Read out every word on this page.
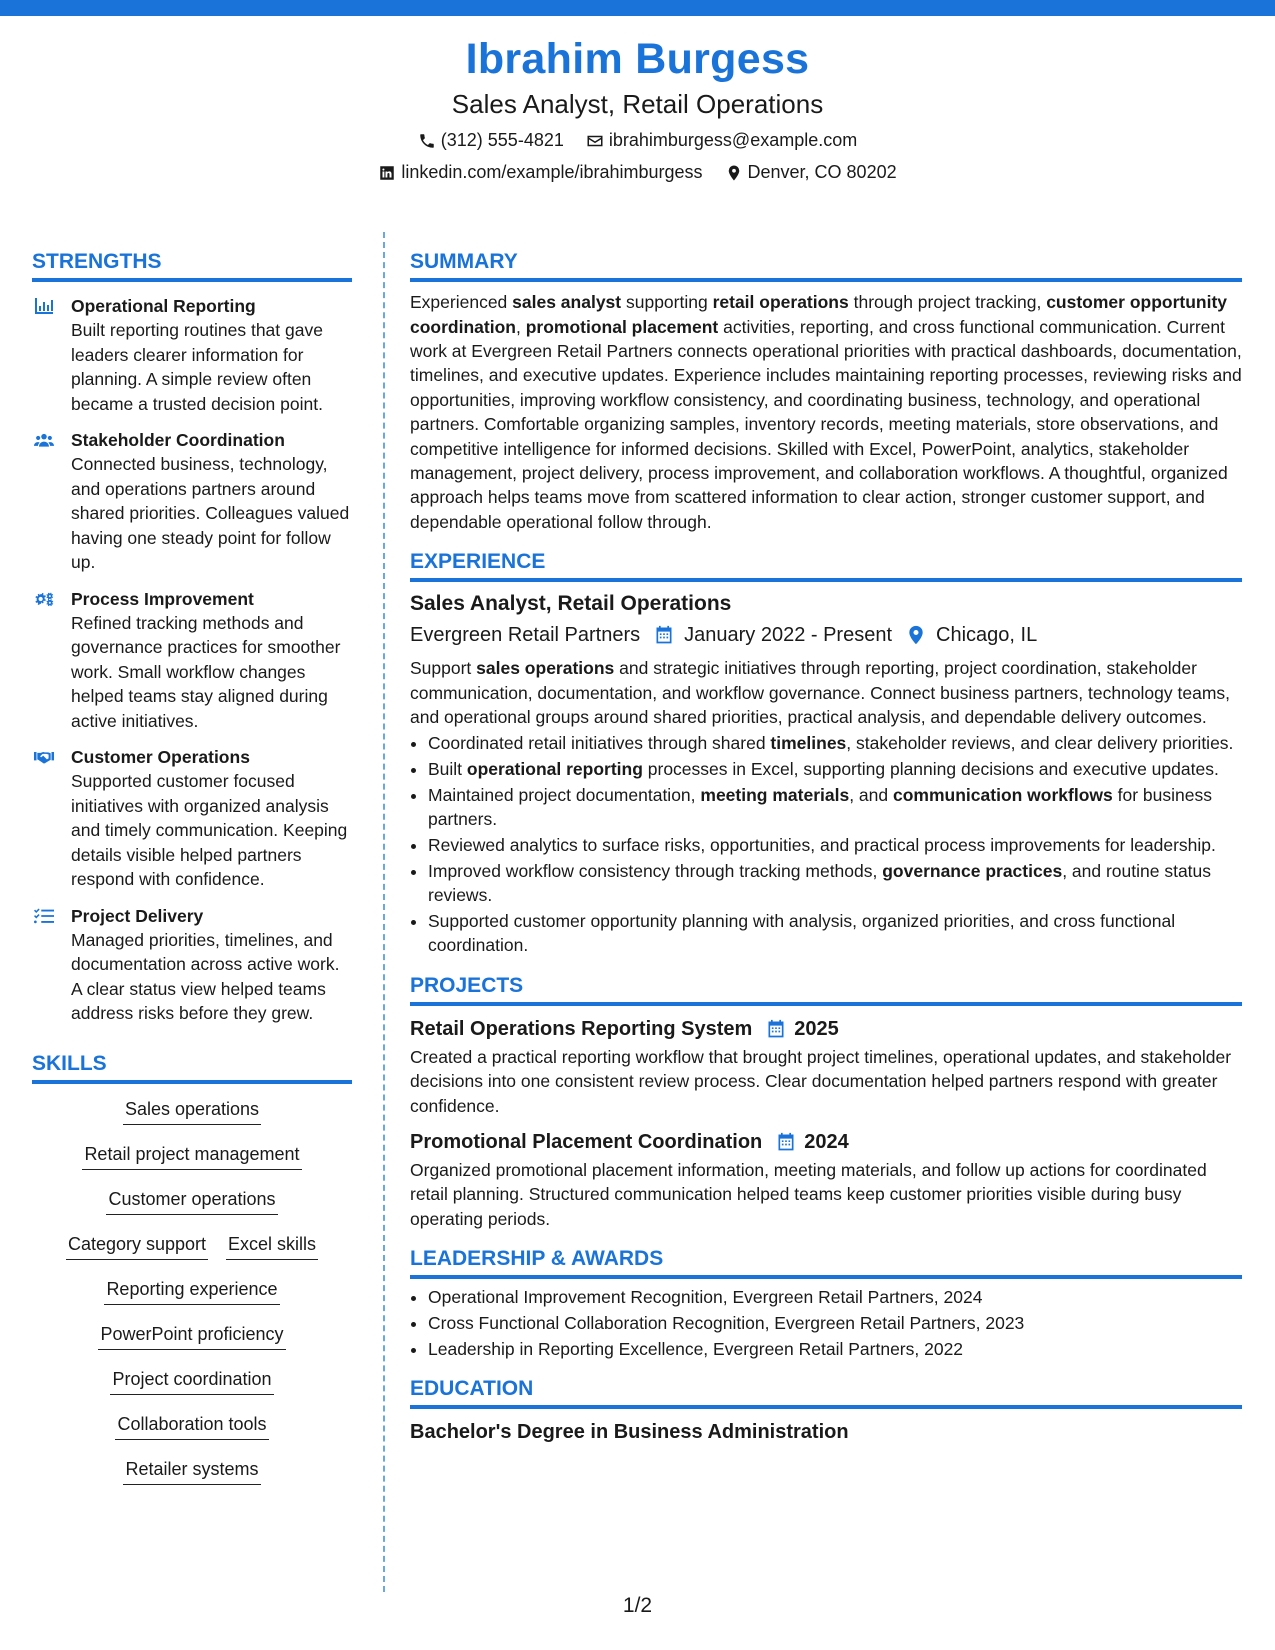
Ibrahim Burgess
Sales Analyst, Retail Operations
(312) 555-4821	ibrahimburgess@example.com
linkedin.com/example/ibrahimburgess	Denver, CO 80202
STRENGTHS
Operational Reporting
Built reporting routines that gave leaders clearer information for planning. A simple review often became a trusted decision point.
Stakeholder Coordination
Connected business, technology, and operations partners around shared priorities. Colleagues valued having one steady point for follow up.
Process Improvement
Refined tracking methods and governance practices for smoother work. Small workflow changes helped teams stay aligned during active initiatives.
Customer Operations
Supported customer focused initiatives with organized analysis and timely communication. Keeping details visible helped partners respond with confidence.
Project Delivery
Managed priorities, timelines, and documentation across active work. A clear status view helped teams address risks before they grew.
SKILLS
Sales operations
Retail project management
Customer operations
Category support Excel skills
Reporting experience
PowerPoint proficiency
Project coordination
Collaboration tools
Retailer systems
SUMMARY
Experienced sales analyst supporting retail operations through project tracking, customer opportunity coordination, promotional placement activities, reporting, and cross functional communication. Current work at Evergreen Retail Partners connects operational priorities with practical dashboards, documentation, timelines, and executive updates. Experience includes maintaining reporting processes, reviewing risks and opportunities, improving workflow consistency, and coordinating business, technology, and operational partners. Comfortable organizing samples, inventory records, meeting materials, store observations, and competitive intelligence for informed decisions. Skilled with Excel, PowerPoint, analytics, stakeholder management, project delivery, process improvement, and collaboration workflows. A thoughtful, organized approach helps teams move from scattered information to clear action, stronger customer support, and dependable operational follow through.
EXPERIENCE
Sales Analyst, Retail Operations
Evergreen Retail Partners January 2022 - Present Chicago, IL
Support sales operations and strategic initiatives through reporting, project coordination, stakeholder communication, documentation, and workflow governance. Connect business partners, technology teams, and operational groups around shared priorities, practical analysis, and dependable delivery outcomes.
• Coordinated retail initiatives through shared timelines, stakeholder reviews, and clear delivery priorities.
• Built operational reporting processes in Excel, supporting planning decisions and executive updates.
• Maintained project documentation, meeting materials, and communication workflows for business partners.
• Reviewed analytics to surface risks, opportunities, and practical process improvements for leadership.
• Improved workflow consistency through tracking methods, governance practices, and routine status reviews.
• Supported customer opportunity planning with analysis, organized priorities, and cross functional coordination.
PROJECTS
Retail Operations Reporting System 2025
Created a practical reporting workflow that brought project timelines, operational updates, and stakeholder decisions into one consistent review process. Clear documentation helped partners respond with greater confidence.
Promotional Placement Coordination 2024
Organized promotional placement information, meeting materials, and follow up actions for coordinated retail planning. Structured communication helped teams keep customer priorities visible during busy operating periods.
LEADERSHIP & AWARDS
• Operational Improvement Recognition, Evergreen Retail Partners, 2024
• Cross Functional Collaboration Recognition, Evergreen Retail Partners, 2023
• Leadership in Reporting Excellence, Evergreen Retail Partners, 2022
EDUCATION
Bachelor's Degree in Business Administration
1/2
